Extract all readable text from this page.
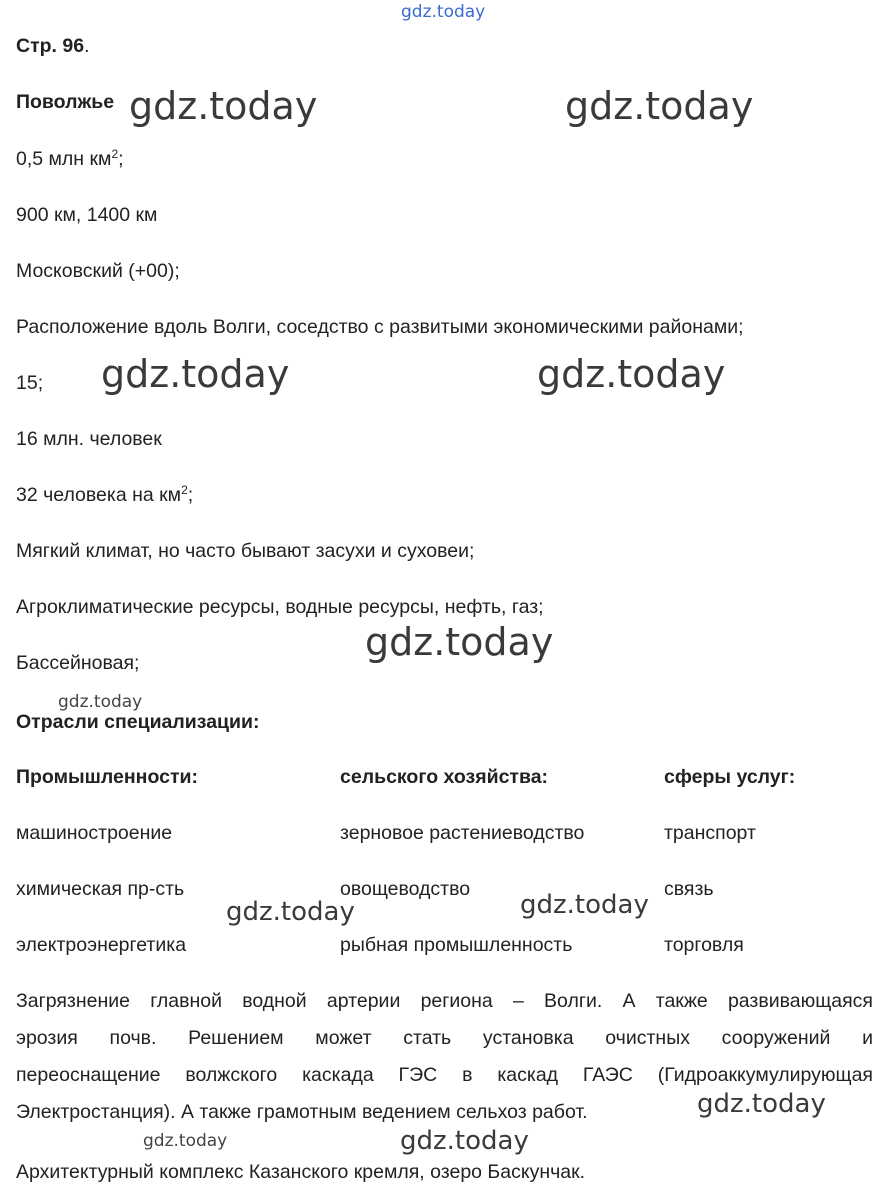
gdz.today
Стр. 96.
Поволжье
0,5 млн $км^2$;
900 км, 1400 км
Московский (+00);
Расположение вдоль Волги, соседство с развитыми экономическими районами;
15;
16 млн. человек
32 человека на $км^2$;
Мягкий климат, но часто бывают засухи и суховеи;
Агроклиматические ресурсы, водные ресурсы, нефть, газ;
Бассейновая;
Отрасли специализации:
Промышленности:	сельского хозяйства:	сферы услуг:
машиностроение	зерновое растениеводство	транспорт
химическая пр-сть	овощеводство	связь
электроэнергетика	рыбная промышленность	торговля
Загрязнение главной водной артерии региона – Волги. А также развивающаяся
эрозия почв. Решением может стать установка очистных сооружений и
переоснащение волжского каскада ГЭС в каскад ГАЭС (Гидроаккумулирующая
Электростанция). А также грамотным ведением сельхоз работ.
Архитектурный комплекс Казанского кремля, озеро Баскунчак.
gdz.today	gdz.today
gdz.today	gdz.today
gdz.today
gdz.today
gdz.today	gdz.today
gdz.today
gdz.today	gdz.today
